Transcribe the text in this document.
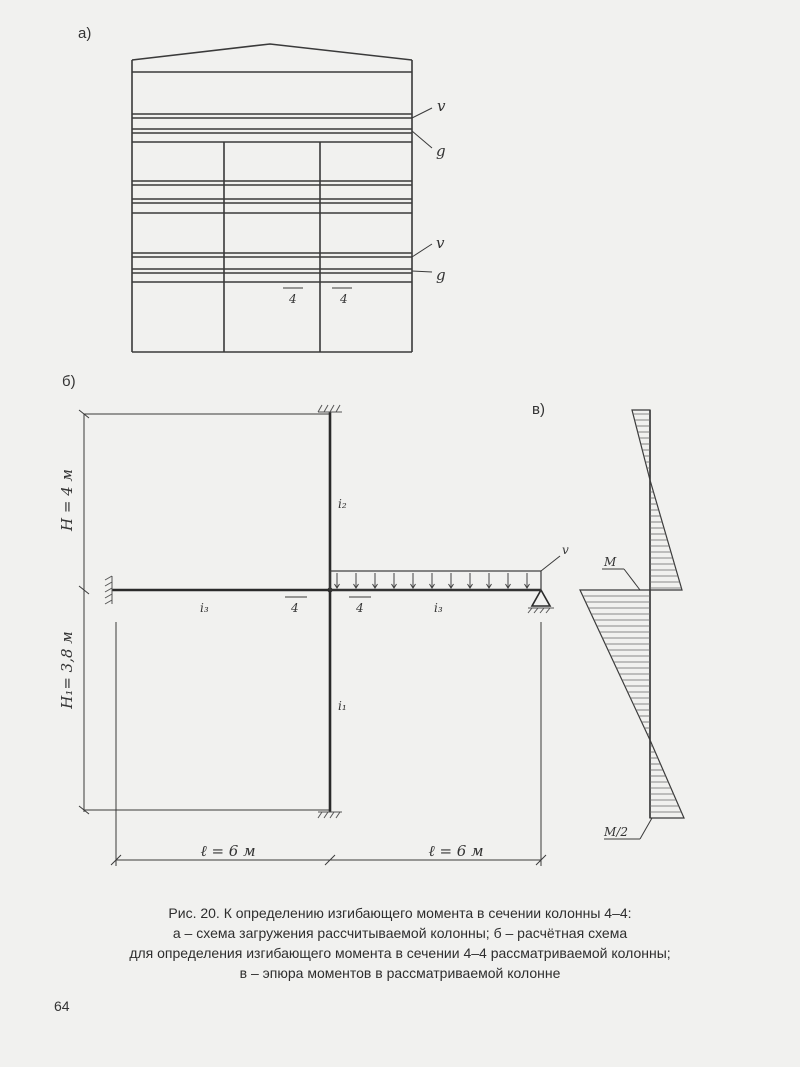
а)
v
g
v
g
4	4
б)
H = 4 м
H₁= 3,8 м
i₂
i₁
i₃	i₃
4	4
v
ℓ = 6 м	ℓ = 6 м
в)
M
M/2
Рис. 20. К определению изгибающего момента в сечении колонны 4–4:
а – схема загружения рассчитываемой колонны; б – расчётная схема
для определения изгибающего момента в сечении 4–4 рассматриваемой колонны;
в – эпюра моментов в рассматриваемой колонне
64
